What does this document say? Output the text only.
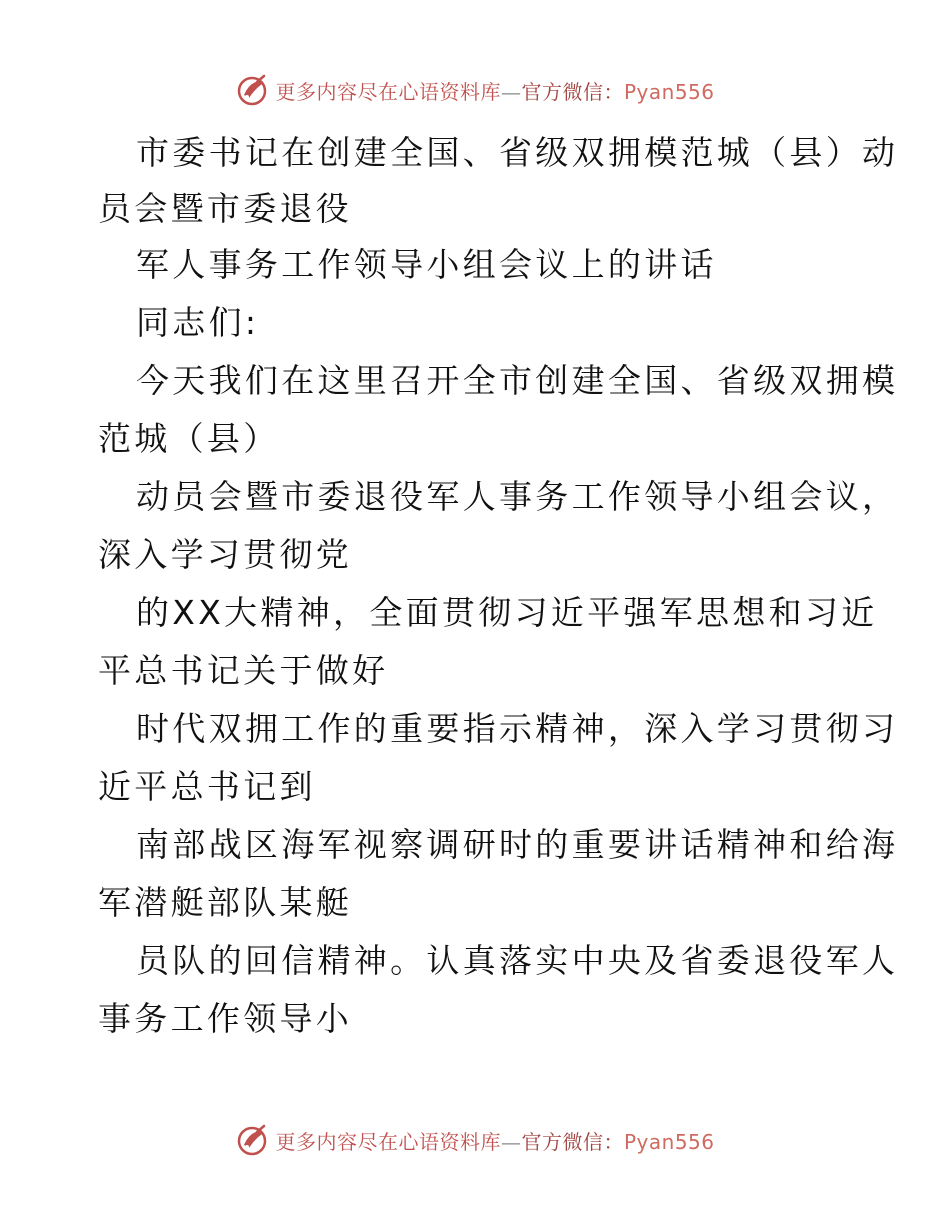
更多内容尽在心语资料库—官方微信：Pyan556
市委书记在创建全国、省级双拥模范城（县）动
员会暨市委退役
军人事务工作领导小组会议上的讲话
同志们:
今天我们在这里召开全市创建全国、省级双拥模
范城（县）
动员会暨市委退役军人事务工作领导小组会议，
深入学习贯彻党
的XX大精神，全面贯彻习近平强军思想和习近
平总书记关于做好
时代双拥工作的重要指示精神，深入学习贯彻习
近平总书记到
南部战区海军视察调研时的重要讲话精神和给海
军潜艇部队某艇
员队的回信精神。认真落实中央及省委退役军人
事务工作领导小
更多内容尽在心语资料库—官方微信：Pyan556
